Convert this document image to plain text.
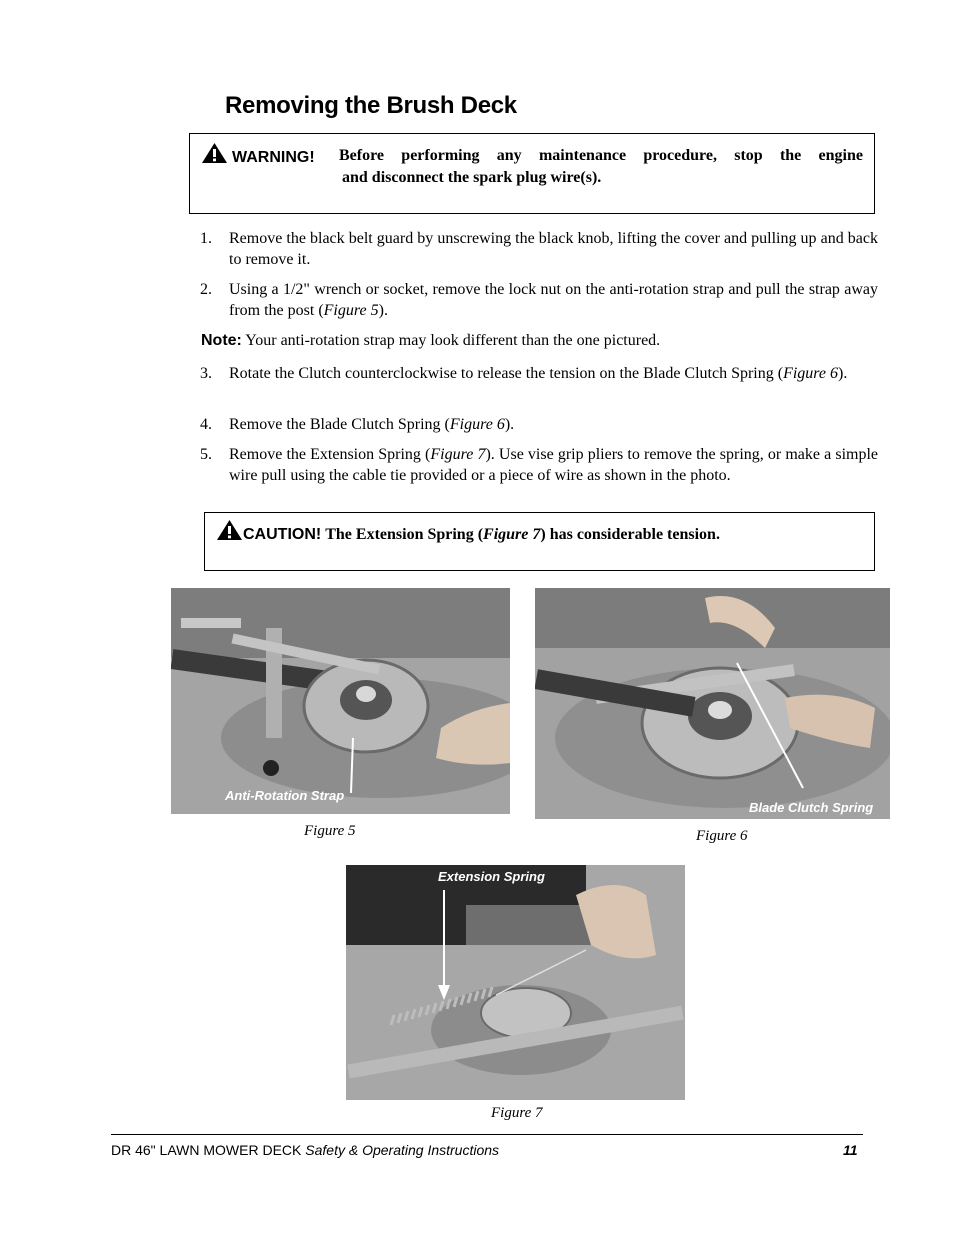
Removing the Brush Deck
WARNING! Before performing any maintenance procedure, stop the engine
and disconnect the spark plug wire(s).
1.	Remove the black belt guard by unscrewing the black knob, lifting the cover and pulling up and back to remove it.
2.	Using a 1/2" wrench or socket, remove the lock nut on the anti-rotation strap and pull the strap away from the post (Figure 5).
Note: Your anti-rotation strap may look different than the one pictured.
3.	Rotate the Clutch counterclockwise to release the tension on the Blade Clutch Spring (Figure 6).
4.	Remove the Blade Clutch Spring (Figure 6).
5.	Remove the Extension Spring (Figure 7). Use vise grip pliers to remove the spring, or make a simple wire pull using the cable tie provided or a piece of wire as shown in the photo.
CAUTION! The Extension Spring (Figure 7) has considerable tension.
Anti-Rotation Strap
Figure 5
Blade Clutch Spring
Figure 6
Extension Spring
Figure 7
DR 46" LAWN MOWER DECK Safety & Operating Instructions	11
